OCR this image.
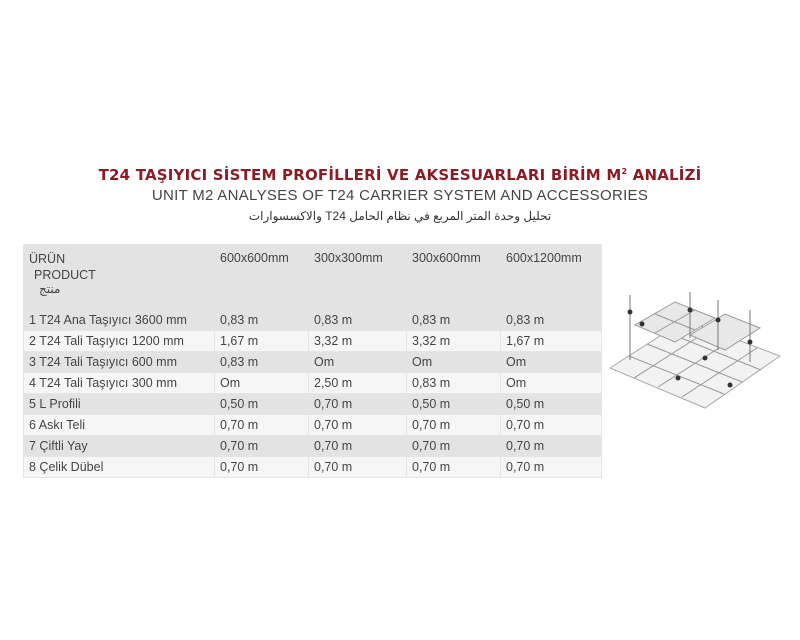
T24 TAŞIYICI SİSTEM PROFİLLERİ VE AKSESUARLARI BİRİM $M^2$ ANALİZİ
UNIT M2 ANALYSES OF T24 CARRIER SYSTEM AND ACCESSORIES
تحليل وحدة المتر المربع في نظام الحامل T24 والاكسسوارات
ÜRÜN
PRODUCT
منتج	600x600mm	300x300mm	300x600mm	600x1200mm
1 T24 Ana Taşıyıcı 3600 mm	0,83 m	0,83 m	0,83 m	0,83 m
2 T24 Tali Taşıyıcı 1200 mm	1,67 m	3,32 m	3,32 m	1,67 m
3 T24 Tali Taşıyıcı 600 mm	0,83 m	Om	Om	Om
4 T24 Tali Taşıyıcı 300 mm	Om	2,50 m	0,83 m	Om
5 L Profili	0,50 m	0,70 m	0,50 m	0,50 m
6 Askı Teli	0,70 m	0,70 m	0,70 m	0,70 m
7 Çiftli Yay	0,70 m	0,70 m	0,70 m	0,70 m
8 Çelik Dübel	0,70 m	0,70 m	0,70 m	0,70 m
